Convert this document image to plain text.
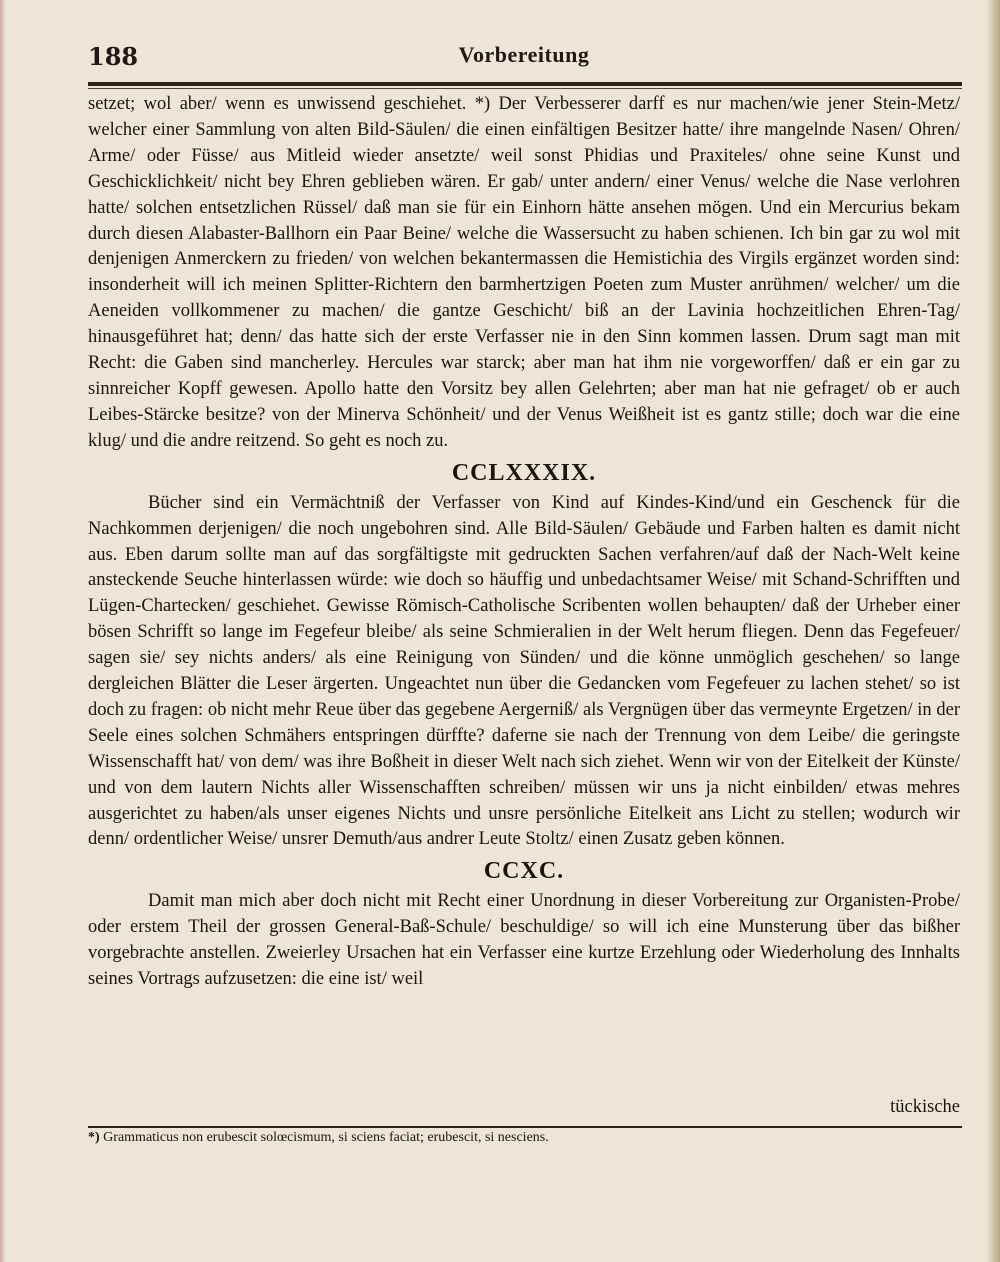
188	Vorbereitung

setzet; wol aber/ wenn es unwissend geschiehet. *) Der Verbesserer darff es nur machen/wie jener Stein-Metz/ welcher einer Sammlung von alten Bild-Säulen/ die einen einfältigen Besitzer hatte/ ihre mangelnde Nasen/ Ohren/ Arme/ oder Füsse/ aus Mitleid wieder ansetzte/ weil sonst Phidias und Praxiteles/ ohne seine Kunst und Geschicklichkeit/ nicht bey Ehren geblieben wären. Er gab/ unter andern/ einer Venus/ welche die Nase verlohren hatte/ solchen entsetzlichen Rüssel/ daß man sie für ein Einhorn hätte ansehen mögen. Und ein Mercurius bekam durch diesen Alabaster-Ballhorn ein Paar Beine/ welche die Wassersucht zu haben schienen. Ich bin gar zu wol mit denjenigen Anmerckern zu frieden/ von welchen bekantermassen die Hemistichia des Virgils ergänzet worden sind: insonderheit will ich meinen Splitter-Richtern den barmhertzigen Poeten zum Muster anrühmen/ welcher/ um die Aeneiden vollkommener zu machen/ die gantze Geschicht/ biß an der Lavinia hochzeitlichen Ehren-Tag/ hinausgeführet hat; denn/ das hatte sich der erste Verfasser nie in den Sinn kommen lassen. Drum sagt man mit Recht: die Gaben sind mancherley. Hercules war starck; aber man hat ihm nie vorgeworffen/ daß er ein gar zu sinnreicher Kopff gewesen. Apollo hatte den Vorsitz bey allen Gelehrten; aber man hat nie gefraget/ ob er auch Leibes-Stärcke besitze? von der Minerva Schönheit/ und der Venus Weißheit ist es gantz stille; doch war die eine klug/ und die andre reitzend. So geht es noch zu.

CCLXXXIX.

Bücher sind ein Vermächtniß der Verfasser von Kind auf Kindes-Kind/und ein Geschenck für die Nachkommen derjenigen/ die noch ungebohren sind. Alle Bild-Säulen/ Gebäude und Farben halten es damit nicht aus. Eben darum sollte man auf das sorgfältigste mit gedruckten Sachen verfahren/auf daß der Nach-Welt keine ansteckende Seuche hinterlassen würde: wie doch so häuffig und unbedachtsamer Weise/ mit Schand-Schrifften und Lügen-Chartecken/ geschiehet. Gewisse Römisch-Catholische Scribenten wollen behaupten/ daß der Urheber einer bösen Schrifft so lange im Fegefeur bleibe/ als seine Schmieralien in der Welt herum fliegen. Denn das Fegefeuer/ sagen sie/ sey nichts anders/ als eine Reinigung von Sünden/ und die könne unmöglich geschehen/ so lange dergleichen Blätter die Leser ärgerten. Ungeachtet nun über die Gedancken vom Fegefeuer zu lachen stehet/ so ist doch zu fragen: ob nicht mehr Reue über das gegebene Aergerniß/ als Vergnügen über das vermeynte Ergetzen/ in der Seele eines solchen Schmähers entspringen dürffte? daferne sie nach der Trennung von dem Leibe/ die geringste Wissenschafft hat/ von dem/ was ihre Boßheit in dieser Welt nach sich ziehet. Wenn wir von der Eitelkeit der Künste/ und von dem lautern Nichts aller Wissenschafften schreiben/ müssen wir uns ja nicht einbilden/ etwas mehres ausgerichtet zu haben/als unser eigenes Nichts und unsre persönliche Eitelkeit ans Licht zu stellen; wodurch wir denn/ ordentlicher Weise/ unsrer Demuth/aus andrer Leute Stoltz/ einen Zusatz geben können.

CCXC.

Damit man mich aber doch nicht mit Recht einer Unordnung in dieser Vorbereitung zur Organisten-Probe/ oder erstem Theil der grossen General-Baß-Schule/ beschuldige/ so will ich eine Munsterung über das bißher vorgebrachte anstellen. Zweierley Ursachen hat ein Verfasser eine kurtze Erzehlung oder Wiederholung des Innhalts seines Vortrags aufzusetzen: die eine ist/ weil

tückische
*) Grammaticus non erubescit solœcismum, si sciens faciat; erubescit, si nesciens.
